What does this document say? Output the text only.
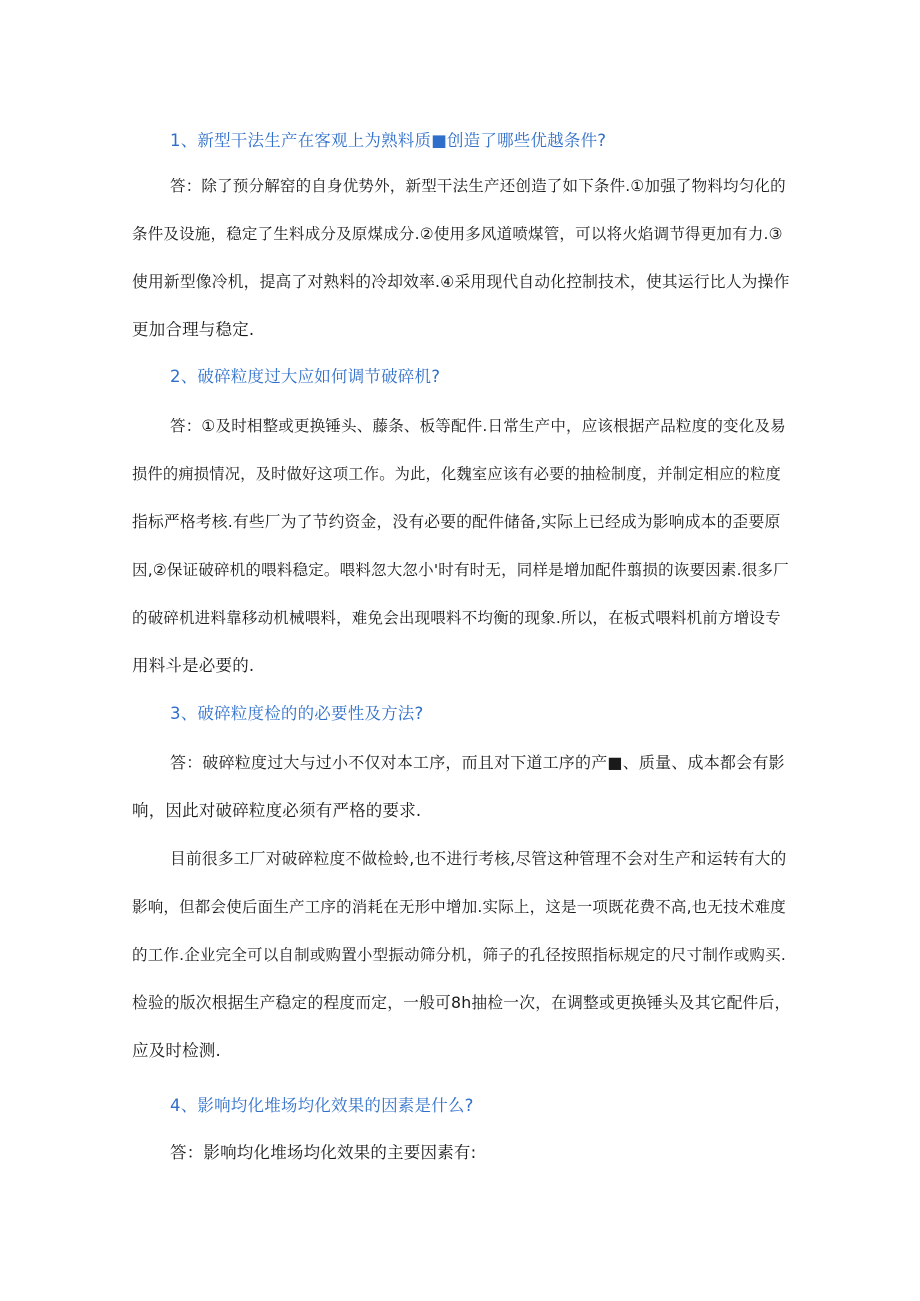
1、新型干法生产在客观上为熟料质■创造了哪些优越条件?
答：除了预分解窑的自身优势外，新型干法生产还创造了如下条件.①加强了物料均匀化的
条件及设施，稳定了生料成分及原煤成分.②使用多风道喷煤管，可以将火焰调节得更加有力.③
使用新型像冷机，提高了对熟料的冷却效率.④采用现代自动化控制技术，使其运行比人为操作
更加合理与稳定.
2、破碎粒度过大应如何调节破碎机?
答：①及时相整或更换锤头、藤条、板等配件.日常生产中，应该根据产品粒度的变化及易
损件的痈损情况，及时做好这项工作。为此，化魏室应该有必要的抽检制度，并制定相应的粒度
指标严格考核.有些厂为了节约资金，没有必要的配件储备,实际上已经成为影响成本的歪要原
因,②保证破碎机的喂料稳定。喂料忽大忽小'时有时无，同样是增加配件翦损的诙要因素.很多厂
的破碎机进料靠移动机械喂料，难免会出现喂料不均衡的现象.所以，在板式喂料机前方增设专
用料斗是必要的.
3、破碎粒度检的的必要性及方法?
答：破碎粒度过大与过小不仅对本工序，而且对下道工序的产■、质量、成本都会有影
响，因此对破碎粒度必须有严格的要求.
目前很多工厂对破碎粒度不做检蛉,也不进行考核,尽管这种管理不会对生产和运转有大的
影响，但都会使后面生产工序的消耗在无形中增加.实际上，这是一项既花费不高,也无技术难度
的工作.企业完全可以自制或购置小型振动筛分机，筛子的孔径按照指标规定的尺寸制作或购买.
检验的版次根据生产稳定的程度而定，一般可8h抽检一次，在调整或更换锤头及其它配件后，
应及时检测.
4、影响均化堆场均化效果的因素是什么?
答：影响均化堆场均化效果的主要因素有:
